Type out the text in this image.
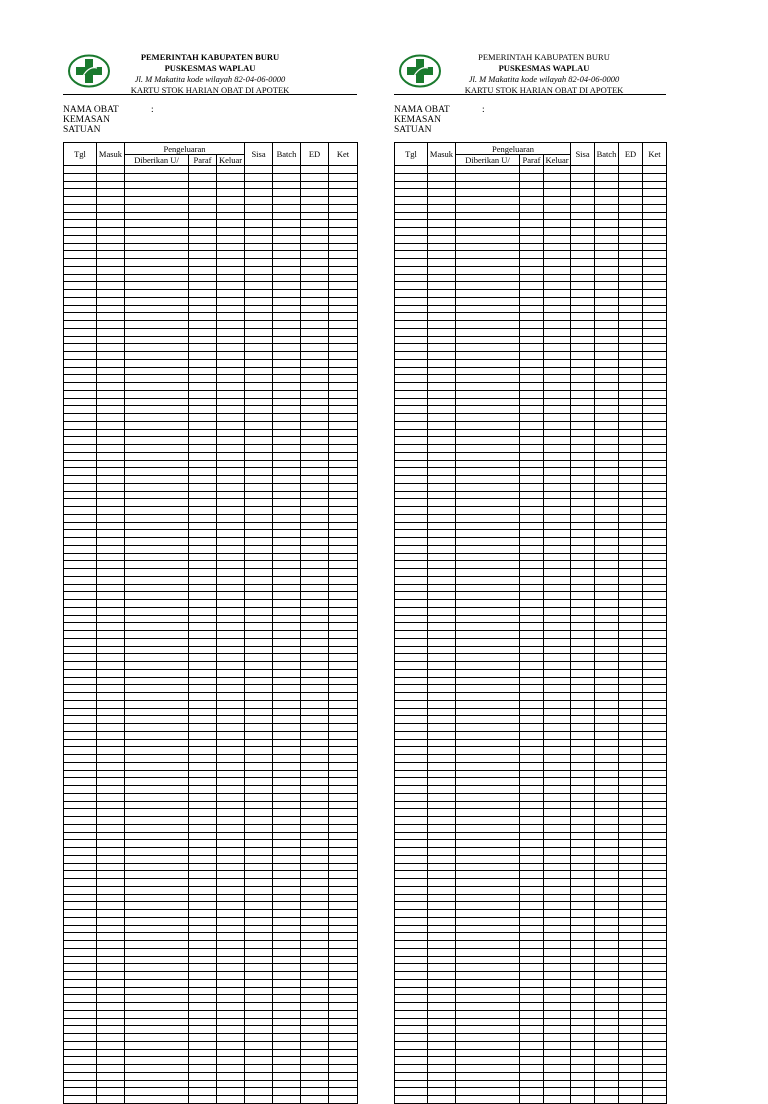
PEMERINTAH KABUPATEN BURU
PUSKESMAS WAPLAU
Jl. M Makatita kode wilayah 82-04-06-0000
KARTU STOK HARIAN OBAT DI APOTEK
NAMA OBAT	:
KEMASAN
SATUAN
Tgl	Masuk	Pengeluaran			Sisa	Batch	ED	Ket
		Diberikan U/	Paraf	Keluar				

PEMERINTAH KABUPATEN BURU
PUSKESMAS WAPLAU
Jl. M Makatita kode wilayah 82-04-06-0000
KARTU STOK HARIAN OBAT DI APOTEK
NAMA OBAT	:
KEMASAN
SATUAN
Tgl	Masuk	Pengeluaran			Sisa	Batch	ED	Ket
		Diberikan U/	Paraf	Keluar				
